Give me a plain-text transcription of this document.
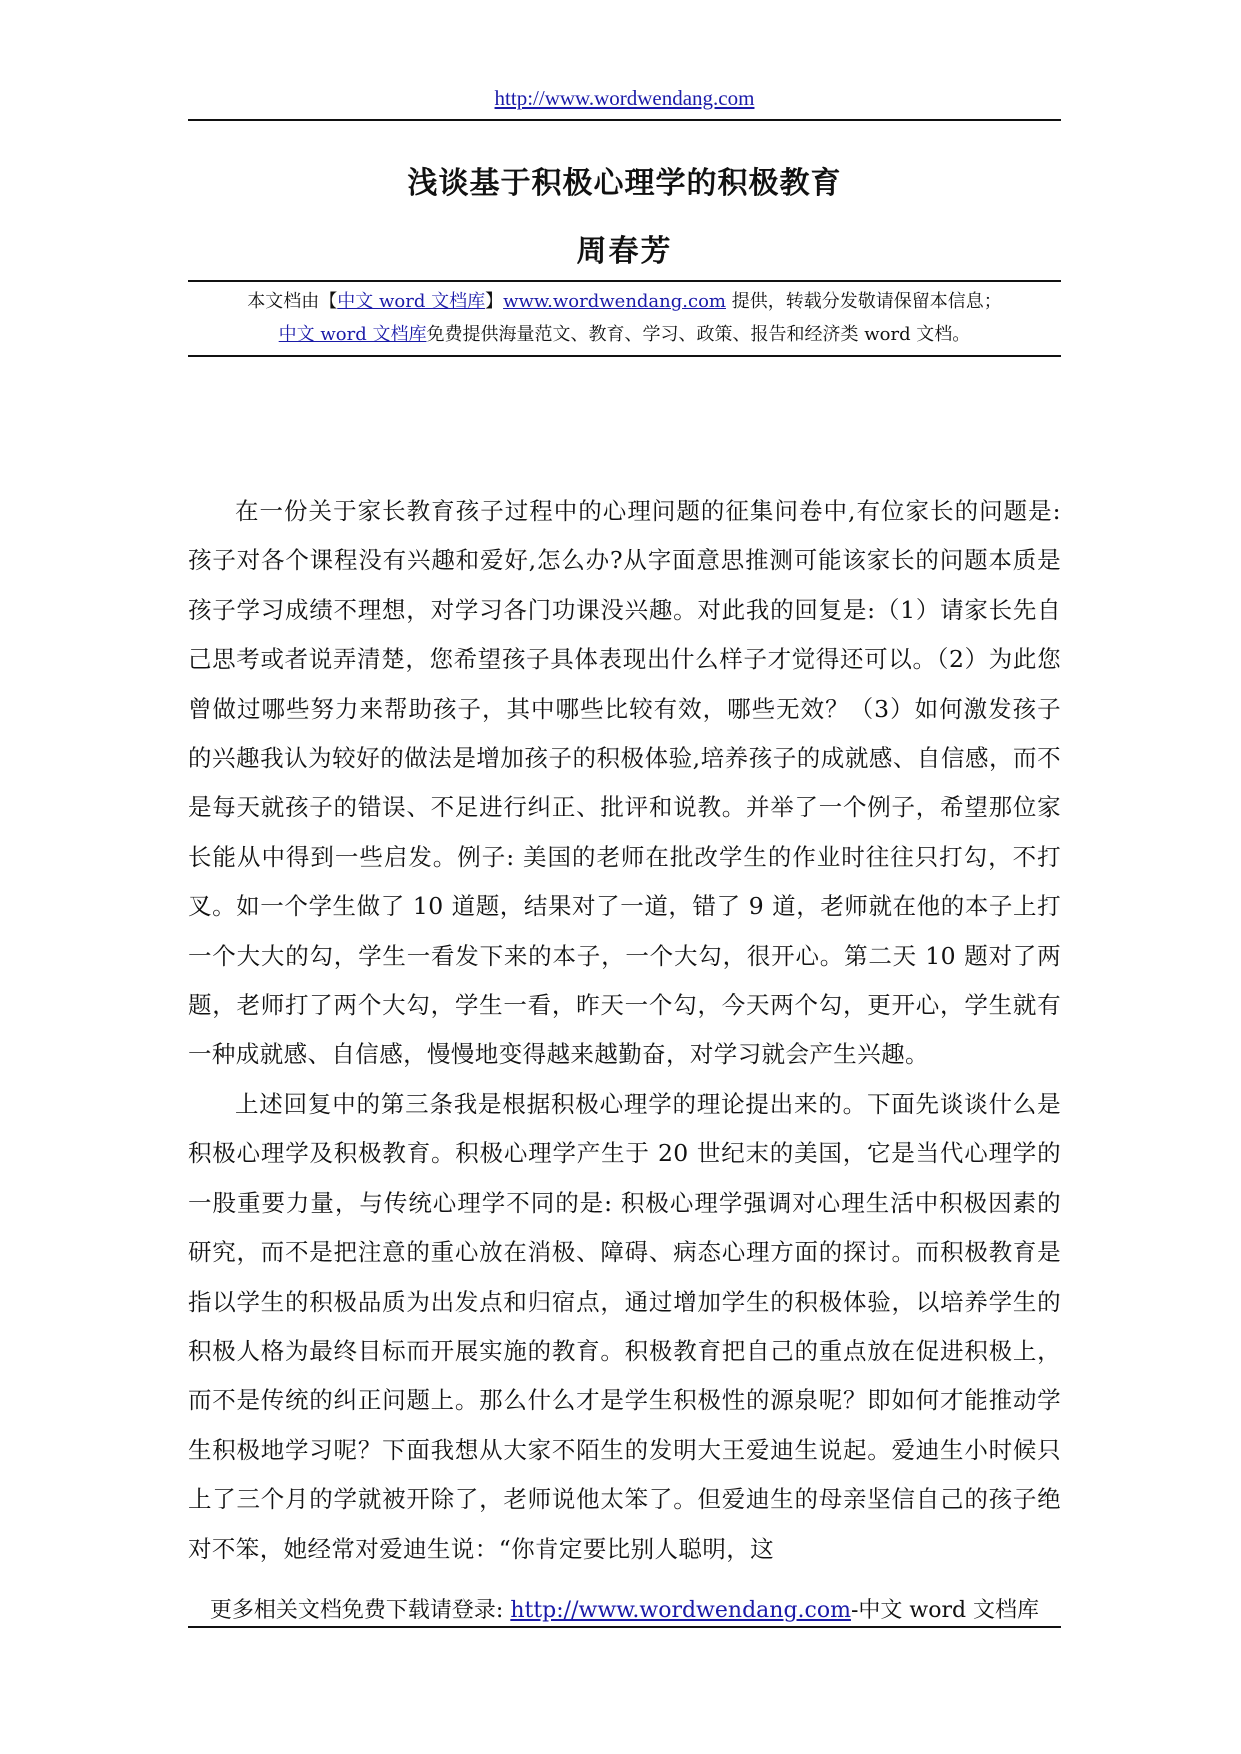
http://www.wordwendang.com
浅谈基于积极心理学的积极教育
周春芳

本文档由【中文 word 文档库】www.wordwendang.com 提供，转载分发敬请保留本信息；

中文 word 文档库免费提供海量范文、教育、学习、政策、报告和经济类 word 文档。

在一份关于家长教育孩子过程中的心理问题的征集问卷中,有位家长的问题是:孩子对各个课程没有兴趣和爱好,怎么办?从字面意思推测可能该家长的问题本质是孩子学习成绩不理想，对学习各门功课没兴趣。对此我的回复是:（1）请家长先自己思考或者说弄清楚，您希望孩子具体表现出什么样子才觉得还可以。（2）为此您曾做过哪些努力来帮助孩子，其中哪些比较有效，哪些无效？（3）如何激发孩子的兴趣我认为较好的做法是增加孩子的积极体验,培养孩子的成就感、自信感，而不是每天就孩子的错误、不足进行纠正、批评和说教。并举了一个例子，希望那位家长能从中得到一些启发。例子: 美国的老师在批改学生的作业时往往只打勾，不打叉。如一个学生做了 10 道题，结果对了一道，错了 9 道，老师就在他的本子上打一个大大的勾，学生一看发下来的本子，一个大勾，很开心。第二天 10 题对了两题，老师打了两个大勾，学生一看，昨天一个勾，今天两个勾，更开心，学生就有一种成就感、自信感，慢慢地变得越来越勤奋，对学习就会产生兴趣。

上述回复中的第三条我是根据积极心理学的理论提出来的。下面先谈谈什么是积极心理学及积极教育。积极心理学产生于 20 世纪末的美国，它是当代心理学的一股重要力量，与传统心理学不同的是: 积极心理学强调对心理生活中积极因素的研究，而不是把注意的重心放在消极、障碍、病态心理方面的探讨。而积极教育是指以学生的积极品质为出发点和归宿点，通过增加学生的积极体验，以培养学生的积极人格为最终目标而开展实施的教育。积极教育把自己的重点放在促进积极上，而不是传统的纠正问题上。那么什么才是学生积极性的源泉呢？即如何才能推动学生积极地学习呢？下面我想从大家不陌生的发明大王爱迪生说起。爱迪生小时候只上了三个月的学就被开除了，老师说他太笨了。但爱迪生的母亲坚信自己的孩子绝对不笨，她经常对爱迪生说：“你肯定要比别人聪明，这

更多相关文档免费下载请登录: http://www.wordwendang.com-中文 word 文档库
